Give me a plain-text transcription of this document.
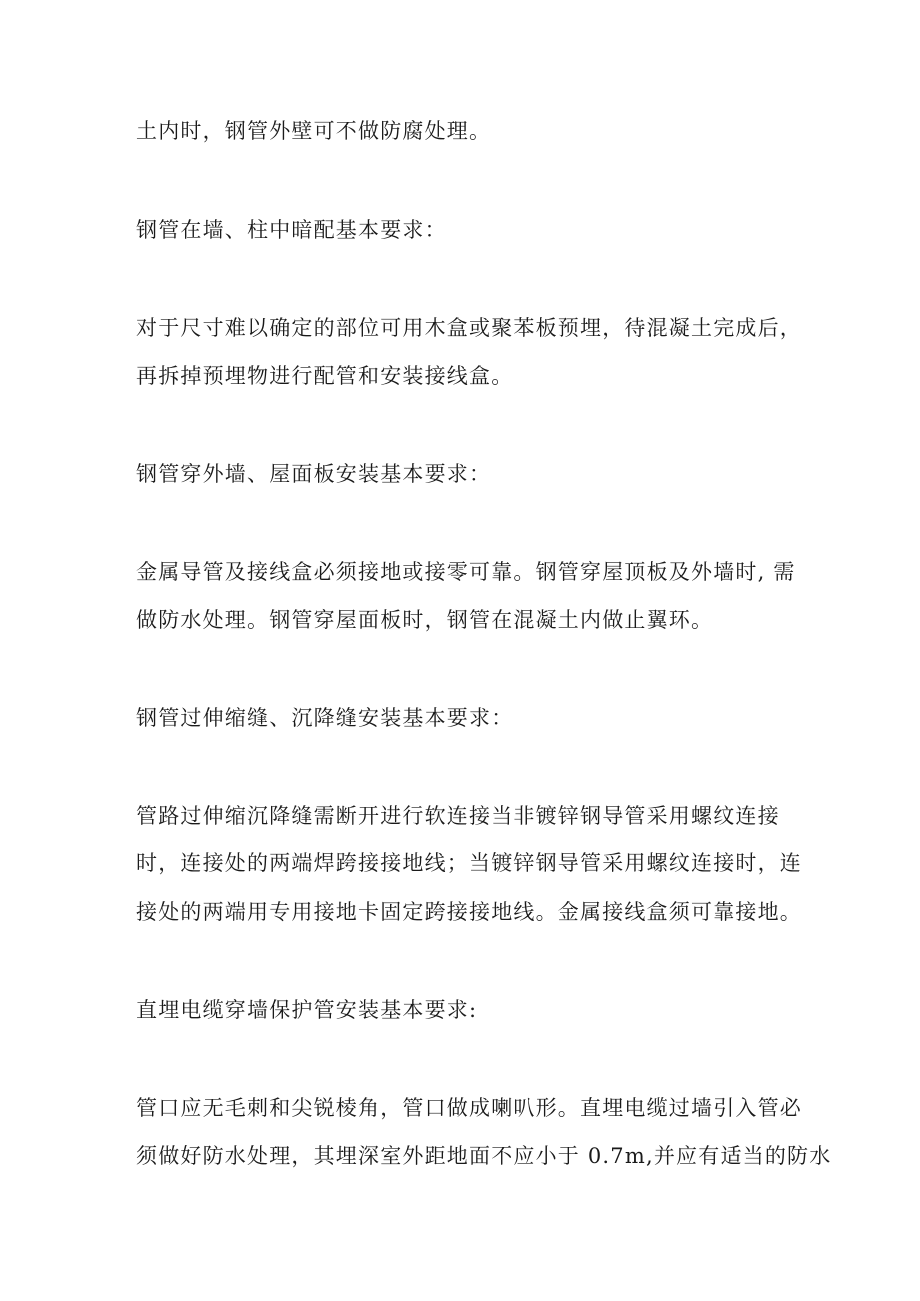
土内时，钢管外壁可不做防腐处理。
钢管在墙、柱中暗配基本要求：
对于尺寸难以确定的部位可用木盒或聚苯板预埋，待混凝土完成后，
再拆掉预埋物进行配管和安装接线盒。
钢管穿外墙、屋面板安装基本要求：
金属导管及接线盒必须接地或接零可靠。钢管穿屋顶板及外墙时, 需
做防水处理。钢管穿屋面板时，钢管在混凝土内做止翼环。
钢管过伸缩缝、沉降缝安装基本要求：
管路过伸缩沉降缝需断开进行软连接当非镀锌钢导管采用螺纹连接
时，连接处的两端焊跨接接地线；当镀锌钢导管采用螺纹连接时，连
接处的两端用专用接地卡固定跨接接地线。金属接线盒须可靠接地。
直埋电缆穿墙保护管安装基本要求:
管口应无毛刺和尖锐棱角，管口做成喇叭形。直埋电缆过墙引入管必
须做好防水处理，其埋深室外距地面不应小于 0.7m,并应有适当的防水
